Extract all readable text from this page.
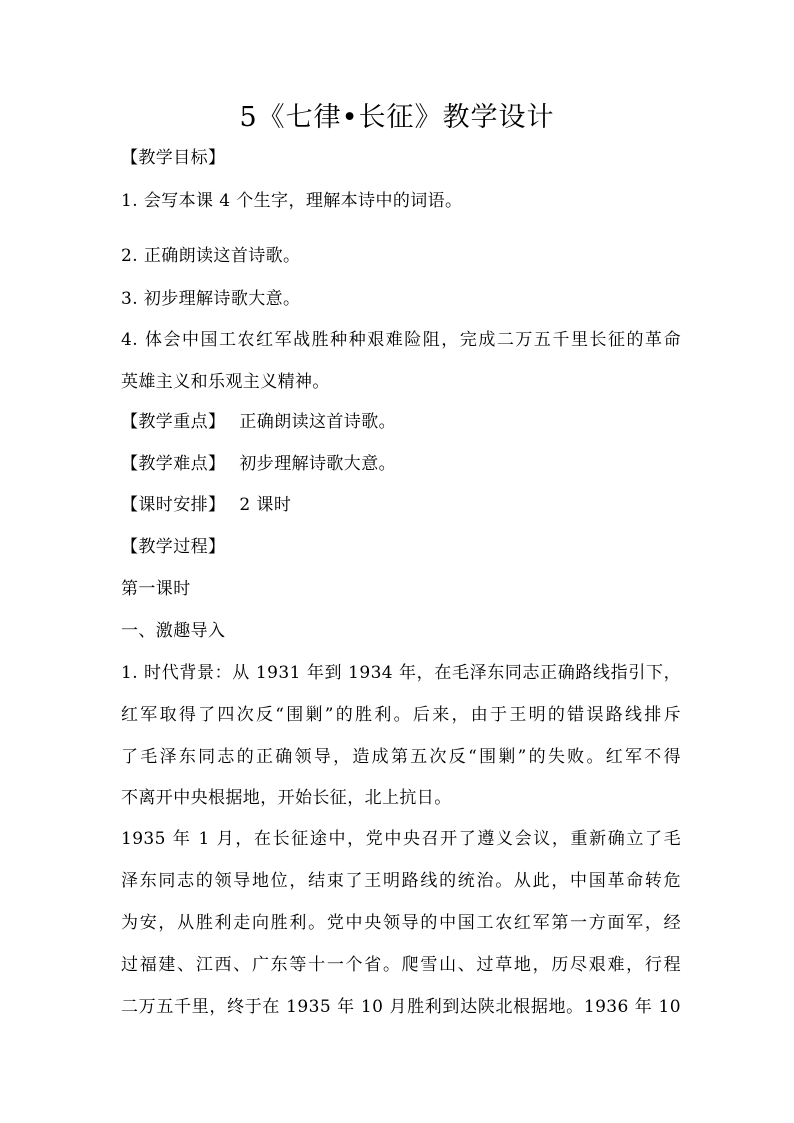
5《七律•长征》教学设计
【教学目标】
1. 会写本课 4 个生字，理解本诗中的词语。
2. 正确朗读这首诗歌。
3. 初步理解诗歌大意。
4. 体会中国工农红军战胜种种艰难险阻，完成二万五千里长征的革命
英雄主义和乐观主义精神。
【教学重点】 正确朗读这首诗歌。
【教学难点】 初步理解诗歌大意。
【课时安排】 2 课时
【教学过程】
第一课时
一、激趣导入
1. 时代背景：从 1931 年到 1934 年，在毛泽东同志正确路线指引下，
红军取得了四次反“围剿”的胜利。后来，由于王明的错误路线排斥
了毛泽东同志的正确领导，造成第五次反“围剿”的失败。红军不得
不离开中央根据地，开始长征，北上抗日。
1935 年 1 月，在长征途中，党中央召开了遵义会议，重新确立了毛
泽东同志的领导地位，结束了王明路线的统治。从此，中国革命转危
为安，从胜利走向胜利。党中央领导的中国工农红军第一方面军，经
过福建、江西、广东等十一个省。爬雪山、过草地，历尽艰难，行程
二万五千里，终于在 1935 年 10 月胜利到达陕北根据地。1936 年 10
